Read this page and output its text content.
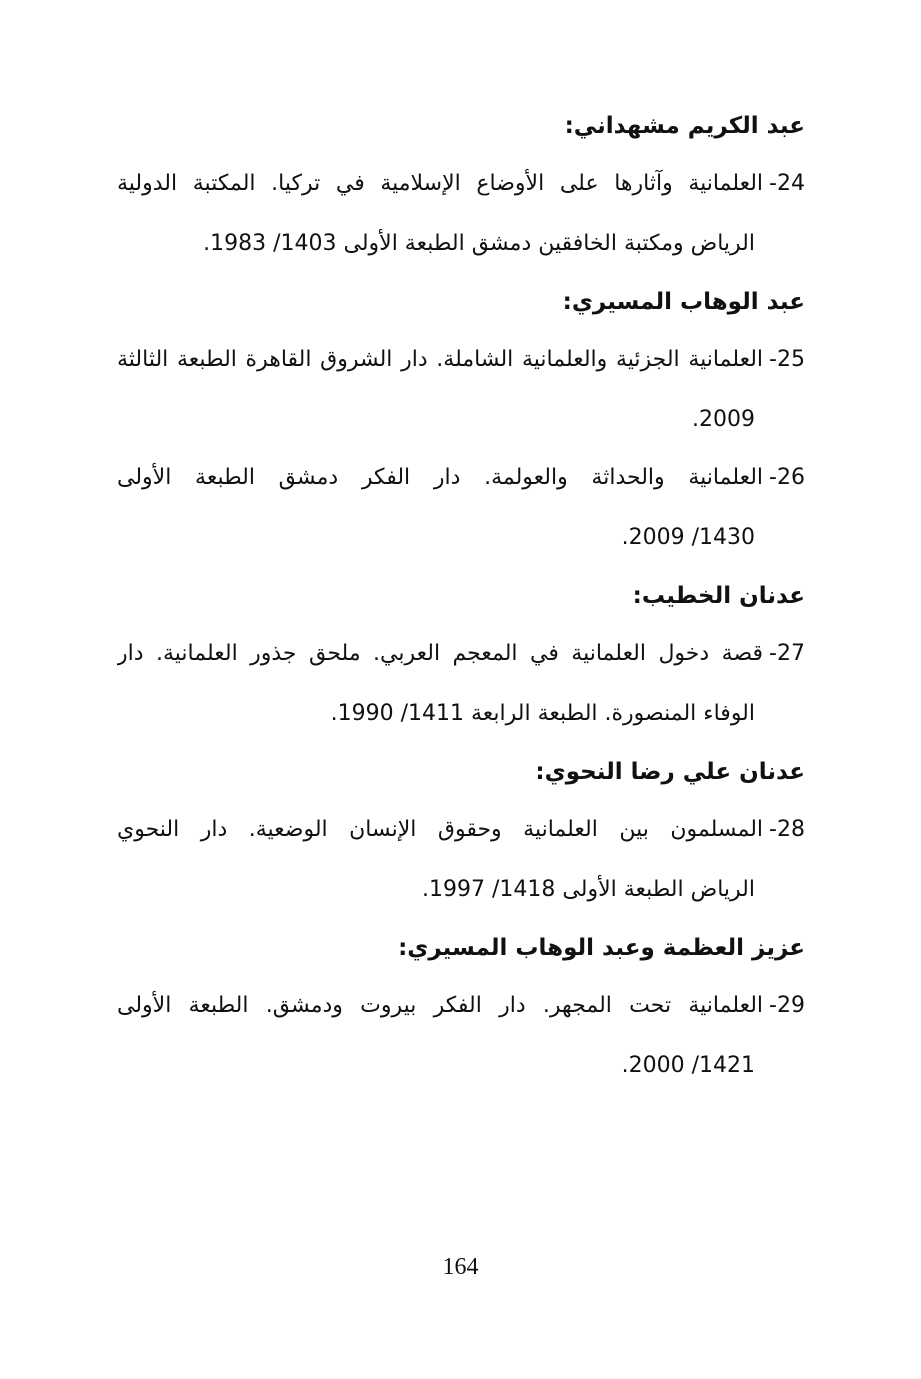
عبد الكريم مشهداني:
24-العلمانية وآثارها على الأوضاع الإسلامية في تركيا. المكتبة الدولية
الرياض ومكتبة الخافقين دمشق الطبعة الأولى 1403/ 1983.
عبد الوهاب المسيري:
25-العلمانية الجزئية والعلمانية الشاملة. دار الشروق القاهرة الطبعة الثالثة
2009.
26-العلمانية والحداثة والعولمة. دار الفكر دمشق الطبعة الأولى
1430/ 2009.
عدنان الخطيب:
27-قصة دخول العلمانية في المعجم العربي. ملحق جذور العلمانية. دار
الوفاء المنصورة. الطبعة الرابعة 1411/ 1990.
عدنان علي رضا النحوي:
28-المسلمون بين العلمانية وحقوق الإنسان الوضعية. دار النحوي
الرياض الطبعة الأولى 1418/ 1997.
عزيز العظمة وعبد الوهاب المسيري:
29-العلمانية تحت المجهر. دار الفكر بيروت ودمشق. الطبعة الأولى
1421/ 2000.
164
